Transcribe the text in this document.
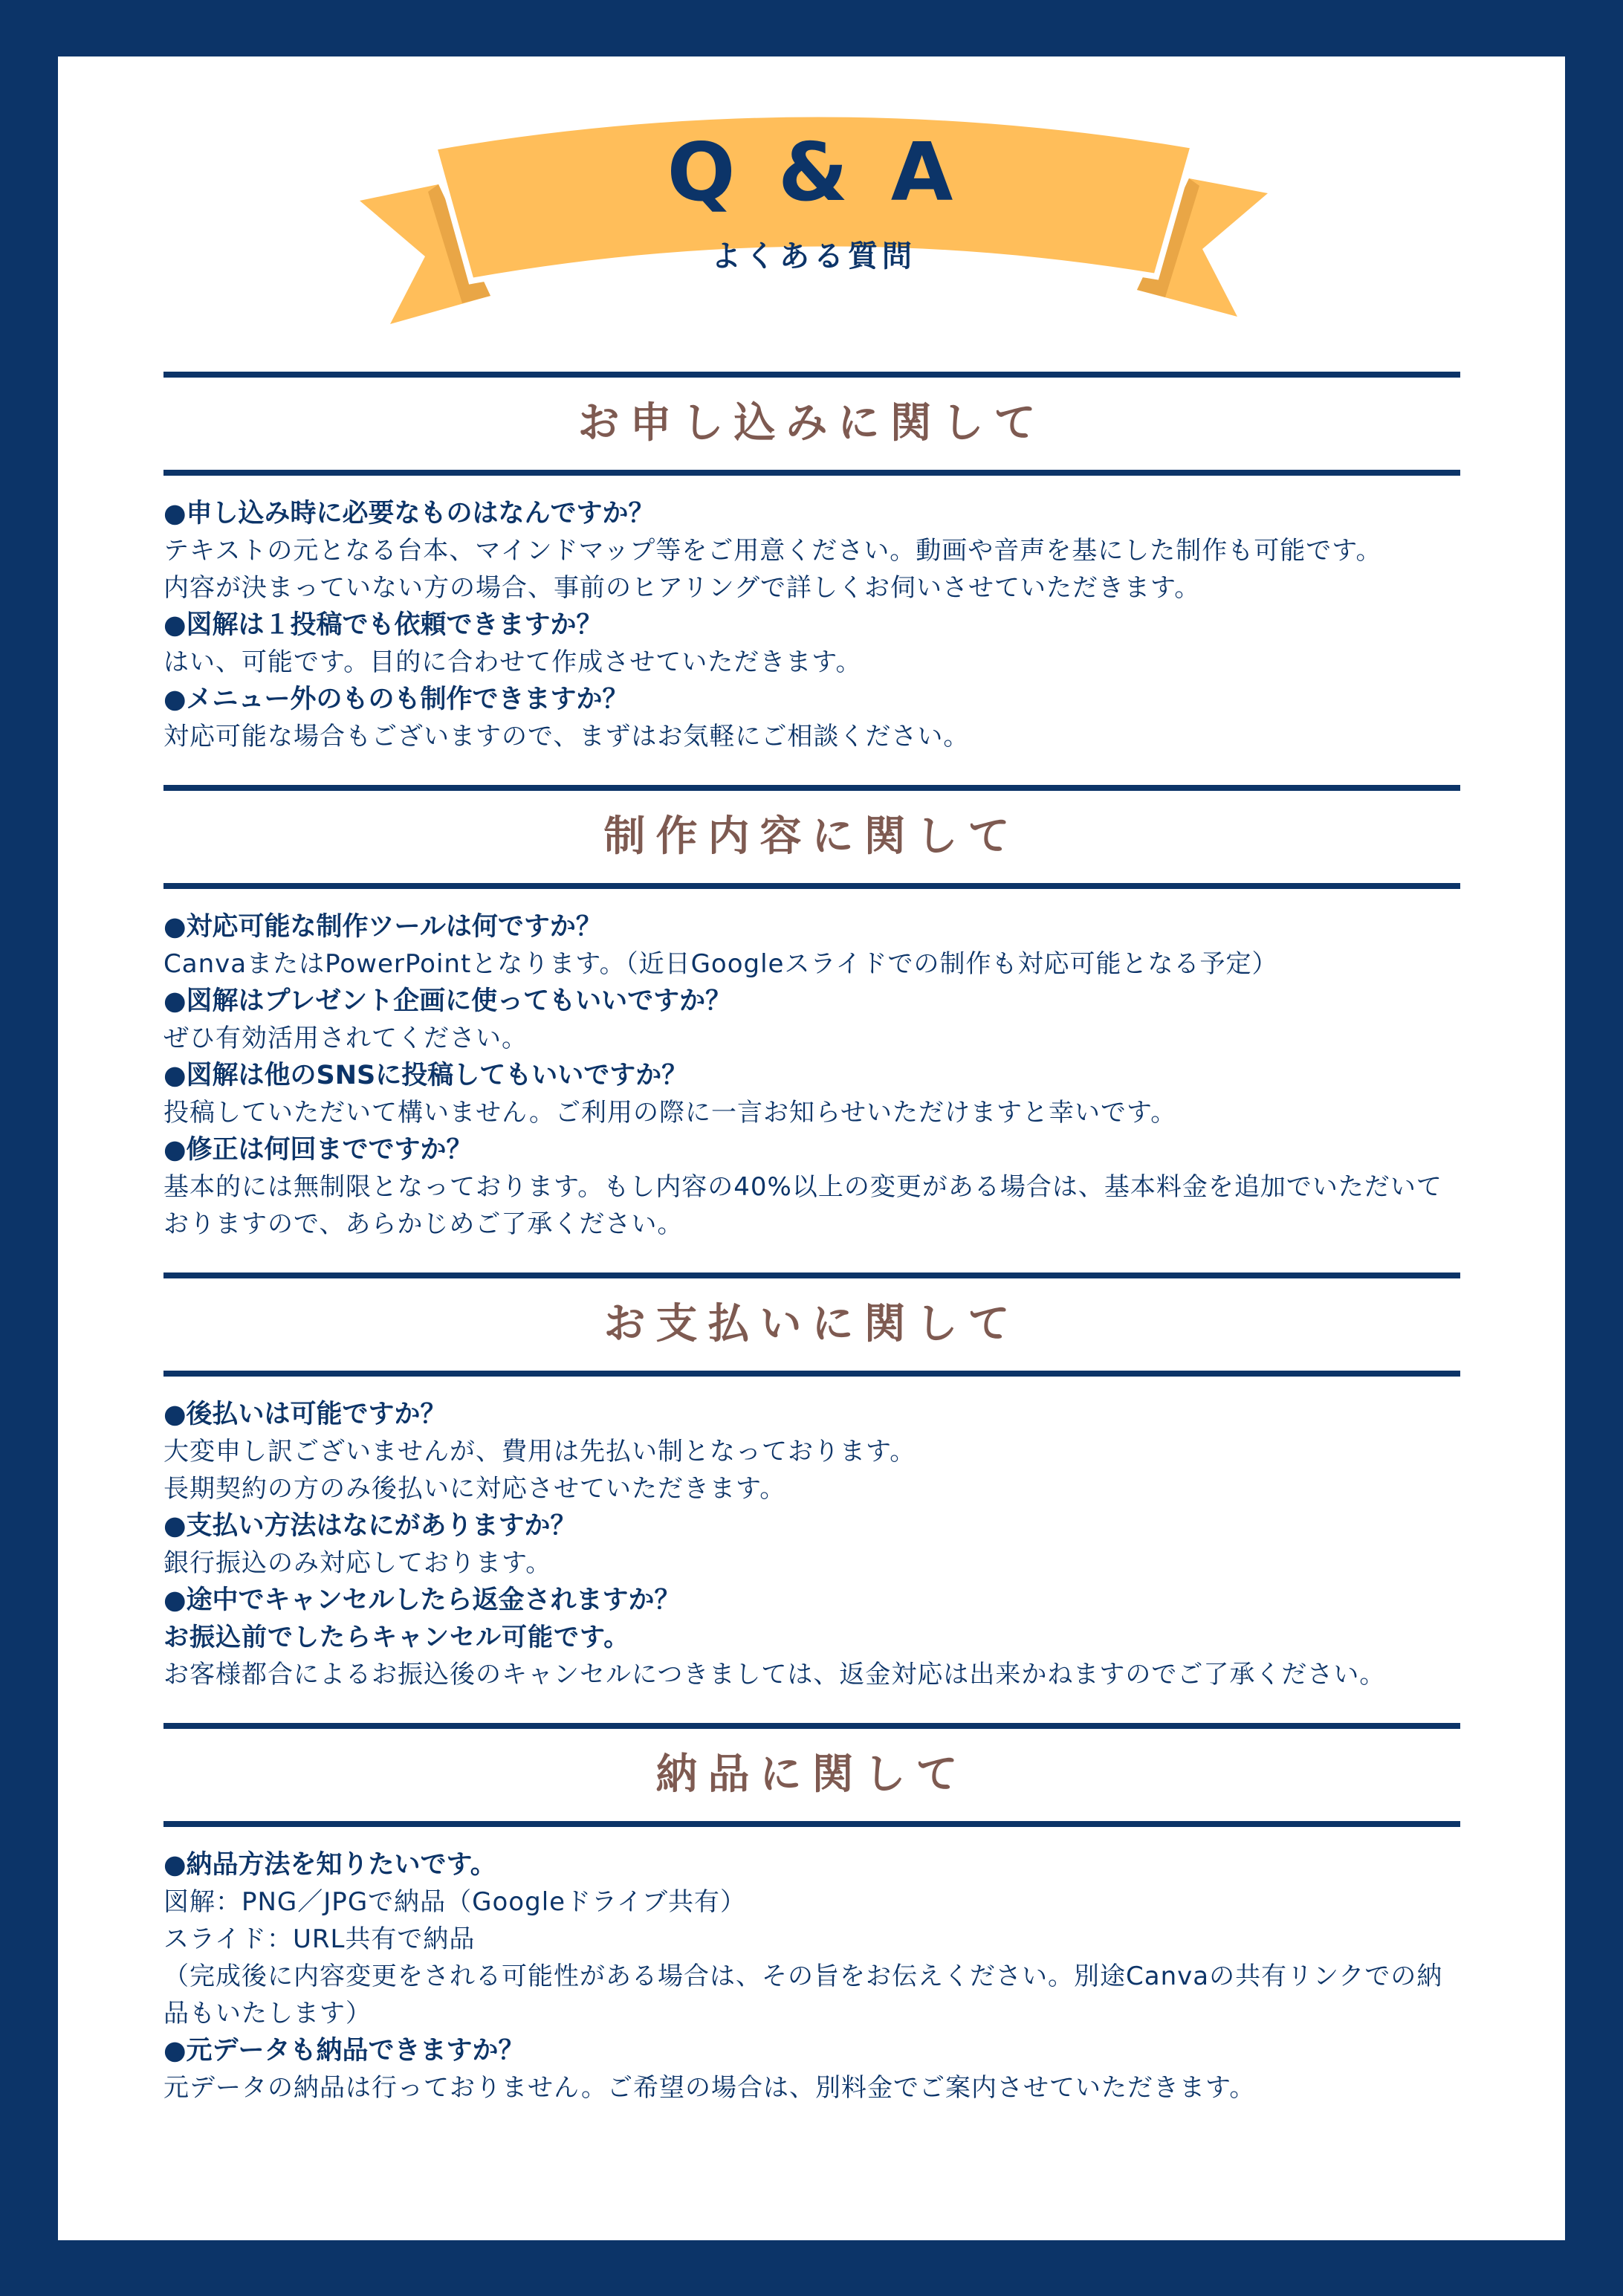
Q & A
よくある質問
お申し込みに関して
●申し込み時に必要なものはなんですか？
テキストの元となる台本、マインドマップ等をご用意ください。動画や音声を基にした制作も可能です。
内容が決まっていない方の場合、事前のヒアリングで詳しくお伺いさせていただきます。
●図解は１投稿でも依頼できますか？
はい、可能です。目的に合わせて作成させていただきます。
●メニュー外のものも制作できますか？
対応可能な場合もございますので、まずはお気軽にご相談ください。
制作内容に関して
●対応可能な制作ツールは何ですか？
CanvaまたはPowerPointとなります。（近日Googleスライドでの制作も対応可能となる予定）
●図解はプレゼント企画に使ってもいいですか？
ぜひ有効活用されてください。
●図解は他のSNSに投稿してもいいですか？
投稿していただいて構いません。ご利用の際に一言お知らせいただけますと幸いです。
●修正は何回までですか？
基本的には無制限となっております。もし内容の40%以上の変更がある場合は、基本料金を追加でいただいておりますので、あらかじめご了承ください。
お支払いに関して
●後払いは可能ですか？
大変申し訳ございませんが、費用は先払い制となっております。
長期契約の方のみ後払いに対応させていただきます。
●支払い方法はなにがありますか？
銀行振込のみ対応しております。
●途中でキャンセルしたら返金されますか？
お振込前でしたらキャンセル可能です。
お客様都合によるお振込後のキャンセルにつきましては、返金対応は出来かねますのでご了承ください。
納品に関して
●納品方法を知りたいです。
図解：PNG／JPGで納品（Googleドライブ共有）
スライド：URL共有で納品
（完成後に内容変更をされる可能性がある場合は、その旨をお伝えください。別途Canvaの共有リンクでの納品もいたします）
●元データも納品できますか？
元データの納品は行っておりません。ご希望の場合は、別料金でご案内させていただきます。
